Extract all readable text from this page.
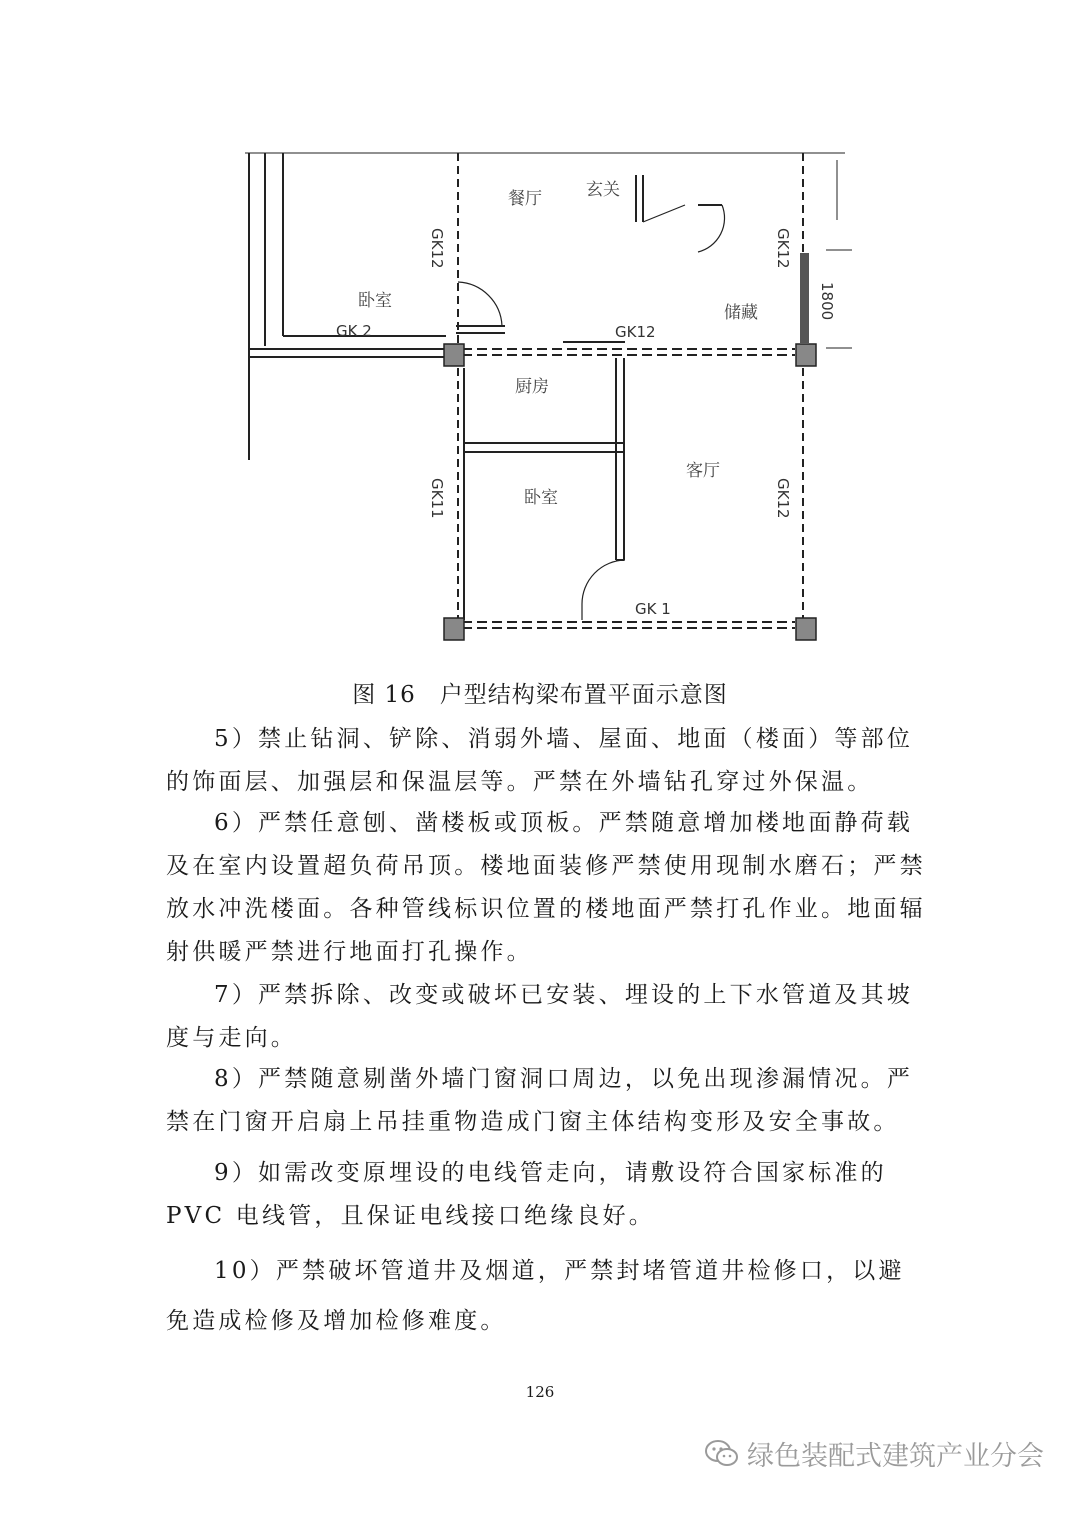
卧室
餐厅	玄关
储藏
厨房
卧室
客厅
GK 2	GK12
GK 1
GK12	GK12
GK11	GK12
1800
图 16　户型结构梁布置平面示意图

5）禁止钻洞、铲除、消弱外墙、屋面、地面（楼面）等部位的饰面层、加强层和保温层等。严禁在外墙钻孔穿过外保温。

6）严禁任意刨、凿楼板或顶板。严禁随意增加楼地面静荷载及在室内设置超负荷吊顶。楼地面装修严禁使用现制水磨石；严禁放水冲洗楼面。各种管线标识位置的楼地面严禁打孔作业。地面辐射供暖严禁进行地面打孔操作。

7）严禁拆除、改变或破坏已安装、埋设的上下水管道及其坡度与走向。

8）严禁随意剔凿外墙门窗洞口周边，以免出现渗漏情况。严禁在门窗开启扇上吊挂重物造成门窗主体结构变形及安全事故。

9）如需改变原埋设的电线管走向，请敷设符合国家标准的 PVC 电线管，且保证电线接口绝缘良好。

10）严禁破坏管道井及烟道，严禁封堵管道井检修口，以避免造成检修及增加检修难度。

126
绿色装配式建筑产业分会
